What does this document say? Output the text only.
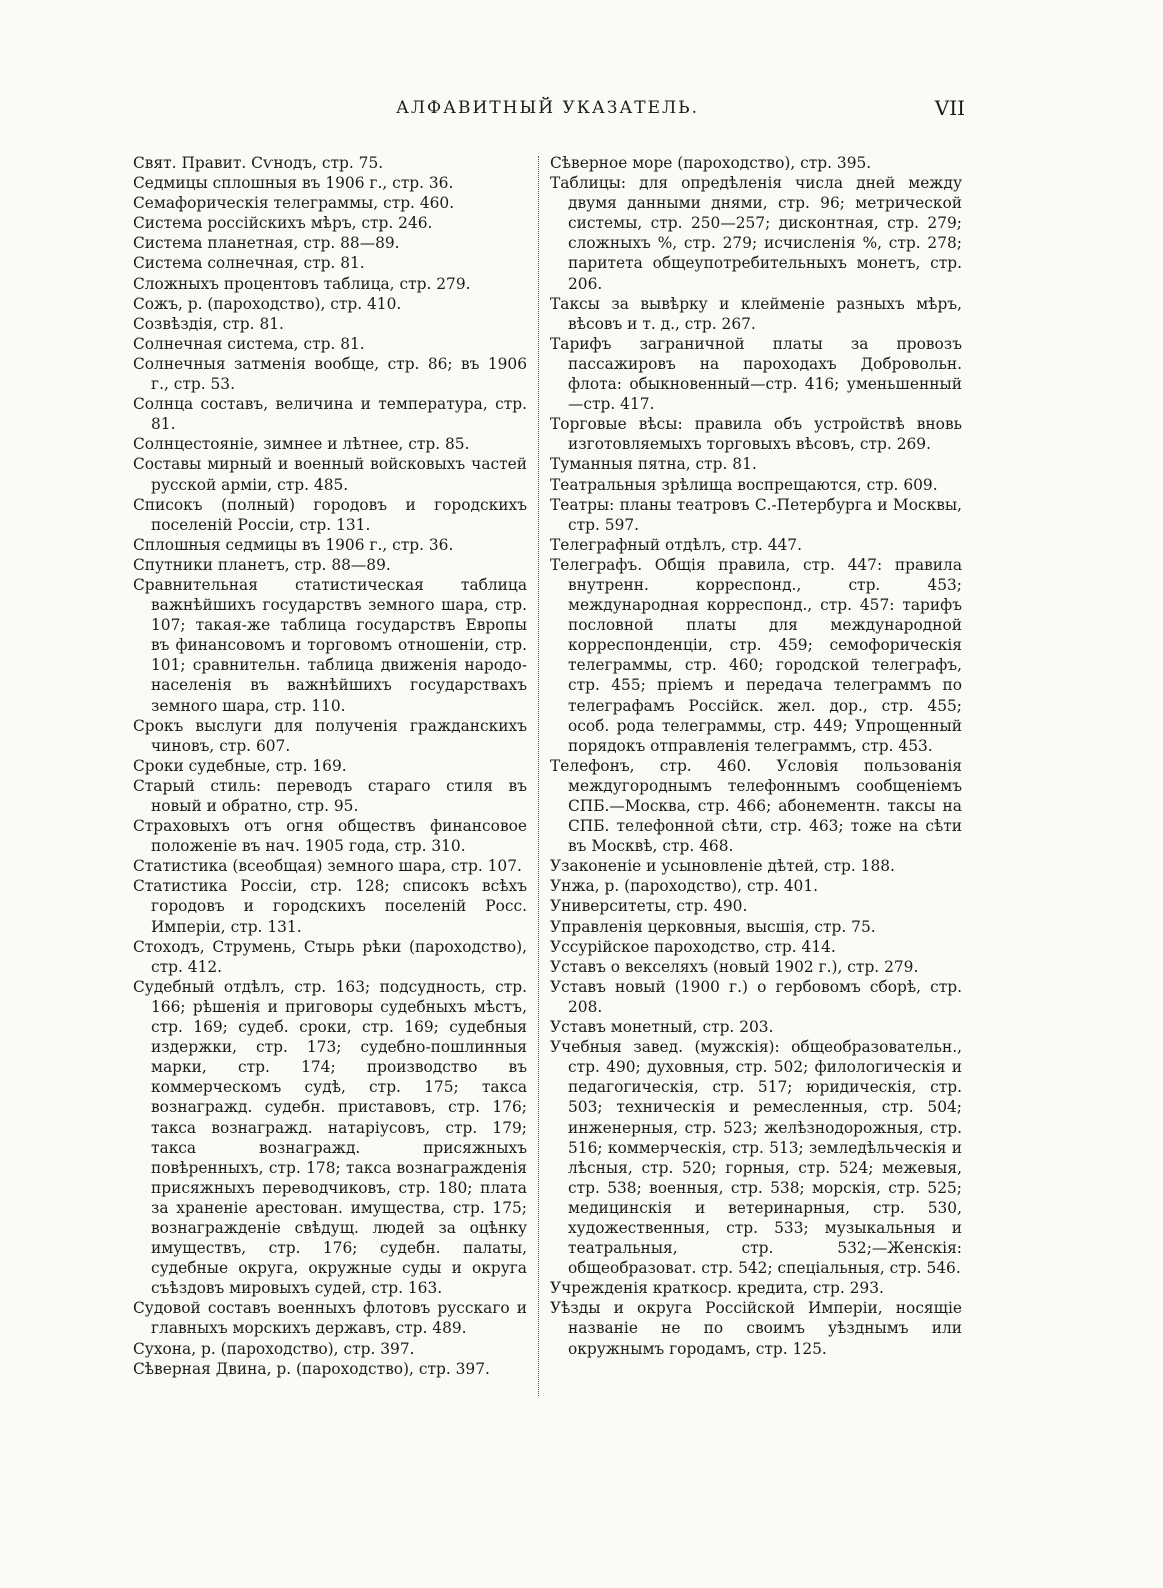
АЛФАВИТНЫЙ УКАЗАТЕЛЬ.	VII

Свят. Правит. Сѵнодъ, стр. 75.

Седмицы сплошныя въ 1906 г., стр. 36.

Семафорическія телеграммы, стр. 460.

Система россійскихъ мѣръ, стр. 246.

Система планетная, стр. 88—89.

Система солнечная, стр. 81.

Сложныхъ процентовъ таблица, стр. 279.

Сожъ, р. (пароходство), стр. 410.

Созвѣздія, стр. 81.

Солнечная система, стр. 81.

Солнечныя затменія вообще, стр. 86; въ 1906 г., стр. 53.

Солнца составъ, величина и температура, стр. 81.

Солнцестояніе, зимнее и лѣтнее, стр. 85.

Составы мирный и военный войсковыхъ частей русской арміи, стр. 485.

Списокъ (полный) городовъ и городскихъ поселеній Россіи, стр. 131.

Сплошныя седмицы въ 1906 г., стр. 36.

Спутники планетъ, стр. 88—89.

Сравнительная статистическая таблица важнѣйшихъ государствъ земного шара, стр. 107; такая-же таблица государствъ Европы въ финансовомъ и торговомъ отношеніи, стр. 101; сравнительн. таблица движенія народо-населенія въ важнѣйшихъ государствахъ земного шара, стр. 110.

Срокъ выслуги для полученія гражданскихъ чиновъ, стр. 607.

Сроки судебные, стр. 169.

Старый стиль: переводъ стараго стиля въ новый и обратно, стр. 95.

Страховыхъ отъ огня обществъ финансовое положеніе въ нач. 1905 года, стр. 310.

Статистика (всеобщая) земного шара, стр. 107.

Статистика Россіи, стр. 128; списокъ всѣхъ городовъ и городскихъ поселеній Росс. Имперіи, стр. 131.

Стоходъ, Струмень, Стырь рѣки (пароходство), стр. 412.

Судебный отдѣлъ, стр. 163; подсудность, стр. 166; рѣшенія и приговоры судебныхъ мѣстъ, стр. 169; судеб. сроки, стр. 169; судебныя издержки, стр. 173; судебно-пошлинныя марки, стр. 174; производство въ коммерческомъ судѣ, стр. 175; такса вознагражд. судебн. приставовъ, стр. 176; такса вознагражд. натаріусовъ, стр. 179; такса вознагражд. присяжныхъ повѣренныхъ, стр. 178; такса вознагражденія присяжныхъ переводчиковъ, стр. 180; плата за храненіе арестован. имущества, стр. 175; вознагражденіе свѣдущ. людей за оцѣнку имуществъ, стр. 176; судебн. палаты, судебные округа, окружные суды и округа съѣздовъ мировыхъ судей, стр. 163.

Судовой составъ военныхъ флотовъ русскаго и главныхъ морскихъ державъ, стр. 489.

Сухона, р. (пароходство), стр. 397.

Сѣверная Двина, р. (пароходство), стр. 397.

Сѣверное море (пароходство), стр. 395.

Таблицы: для опредѣленія числа дней между двумя данными днями, стр. 96; метрической системы, стр. 250—257; дисконтная, стр. 279; сложныхъ %, стр. 279; исчисленія %, стр. 278; паритета общеупотребительныхъ монетъ, стр. 206.

Таксы за вывѣрку и клейменіе разныхъ мѣръ, вѣсовъ и т. д., стр. 267.

Тарифъ заграничной платы за провозъ пассажировъ на пароходахъ Добровольн. флота: обыкновенный—стр. 416; уменьшенный—стр. 417.

Торговые вѣсы: правила объ устройствѣ вновь изготовляемыхъ торговыхъ вѣсовъ, стр. 269.

Туманныя пятна, стр. 81.

Театральныя зрѣлища воспрещаются, стр. 609.

Театры: планы театровъ С.-Петербурга и Москвы, стр. 597.

Телеграфный отдѣлъ, стр. 447.

Телеграфъ. Общія правила, стр. 447: правила внутренн. корреспонд., стр. 453; международная корреспонд., стр. 457: тарифъ пословной платы для международной корреспонденціи, стр. 459; семофорическія телеграммы, стр. 460; городской телеграфъ, стр. 455; пріемъ и передача телеграммъ по телеграфамъ Россійск. жел. дор., стр. 455; особ. рода телеграммы, стр. 449; Упрощенный порядокъ отправленія телеграммъ, стр. 453.

Телефонъ, стр. 460. Условія пользованія междугороднымъ телефоннымъ сообщеніемъ СПБ.—Москва, стр. 466; абонементн. таксы на СПБ. телефонной сѣти, стр. 463; тоже на сѣти въ Москвѣ, стр. 468.

Узаконеніе и усыновленіе дѣтей, стр. 188.

Унжа, р. (пароходство), стр. 401.

Университеты, стр. 490.

Управленія церковныя, высшія, стр. 75.

Уссурійское пароходство, стр. 414.

Уставъ о векселяхъ (новый 1902 г.), стр. 279.

Уставъ новый (1900 г.) о гербовомъ сборѣ, стр. 208.

Уставъ монетный, стр. 203.

Учебныя завед. (мужскія): общеобразовательн., стр. 490; духовныя, стр. 502; филологическія и педагогическія, стр. 517; юридическія, стр. 503; техническія и ремесленныя, стр. 504; инженерныя, стр. 523; желѣзнодорожныя, стр. 516; коммерческія, стр. 513; земледѣльческія и лѣсныя, стр. 520; горныя, стр. 524; межевыя, стр. 538; военныя, стр. 538; морскія, стр. 525; медицинскія и ветеринарныя, стр. 530, художественныя, стр. 533; музыкальныя и театральныя, стр. 532;—Женскія: общеобразоват. стр. 542; спеціальныя, стр. 546.

Учрежденія краткоср. кредита, стр. 293.

Уѣзды и округа Россійской Имперіи, носящіе названіе не по своимъ уѣзднымъ или окружнымъ городамъ, стр. 125.
